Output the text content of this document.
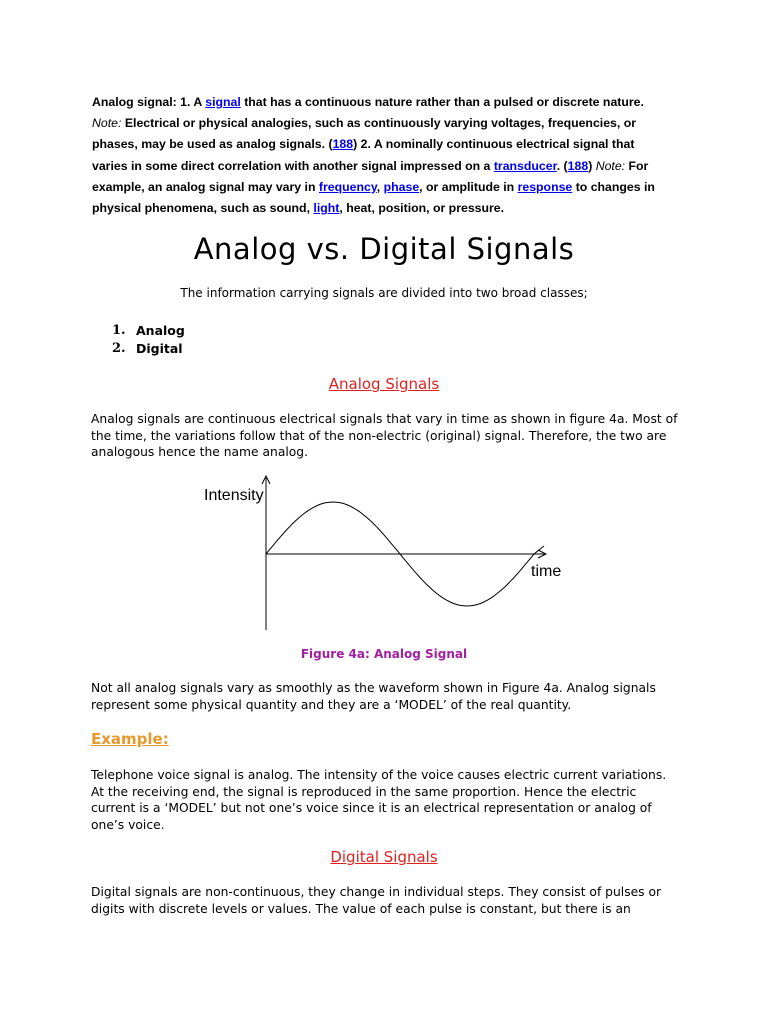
Analog signal: 1. A signal that has a continuous nature rather than a pulsed or discrete nature. Note: Electrical or physical analogies, such as continuously varying voltages, frequencies, or phases, may be used as analog signals. (188) 2. A nominally continuous electrical signal that varies in some direct correlation with another signal impressed on a transducer. (188) Note: For example, an analog signal may vary in frequency, phase, or amplitude in response to changes in physical phenomena, such as sound, light, heat, position, or pressure.
Analog vs. Digital Signals
The information carrying signals are divided into two broad classes;
1. Analog
2. Digital
Analog Signals
Analog signals are continuous electrical signals that vary in time as shown in figure 4a. Most of the time, the variations follow that of the non-electric (original) signal. Therefore, the two are analogous hence the name analog.
Intensity
time
Figure 4a: Analog Signal
Not all analog signals vary as smoothly as the waveform shown in Figure 4a. Analog signals represent some physical quantity and they are a ‘MODEL’ of the real quantity.
Example:
Telephone voice signal is analog. The intensity of the voice causes electric current variations. At the receiving end, the signal is reproduced in the same proportion. Hence the electric current is a ‘MODEL’ but not one’s voice since it is an electrical representation or analog of one’s voice.
Digital Signals
Digital signals are non-continuous, they change in individual steps. They consist of pulses or digits with discrete levels or values. The value of each pulse is constant, but there is an
